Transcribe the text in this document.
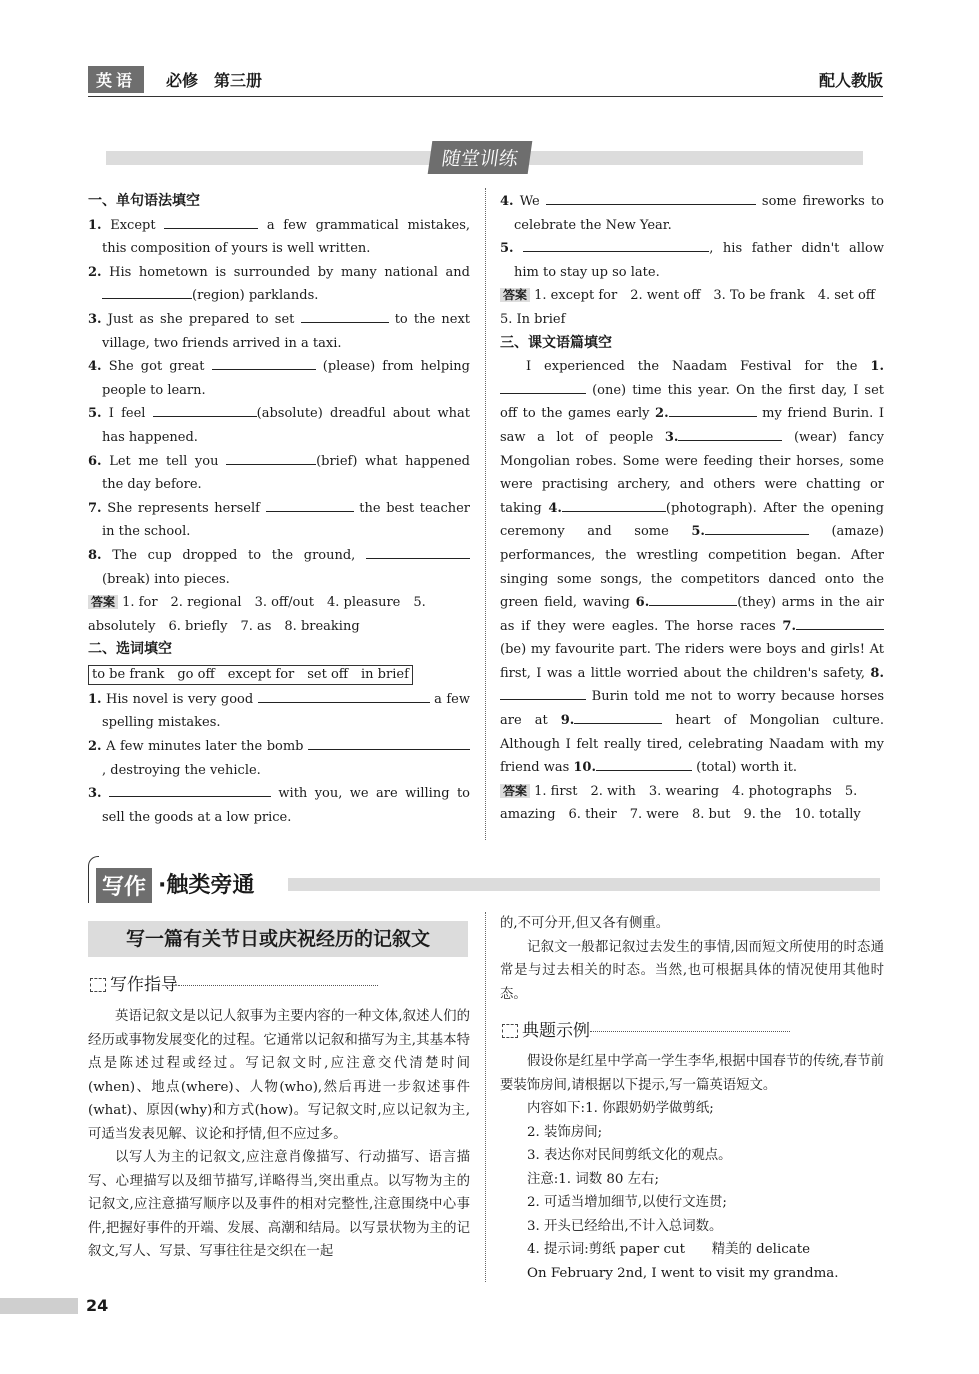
英语	必修　第三册	配人教版
随堂训练

一、单句语法填空

1. Except	a few grammatical mistakes, this composition of yours is well written.

2. His hometown is surrounded by many national and (region) parklands.

3. Just as she prepared to set	to the next village, two friends arrived in a taxi.

4. She got great	(please) from helping people to learn.

5. I feel	(absolute) dreadful about what has happened.

6. Let me tell you	(brief) what happened the day before.

7. She represents herself	the best teacher in the school.

8. The cup dropped to the ground, (break) into pieces.

答案 1. for　2. regional　3. off/out　4. pleasure　5. absolutely　6. briefly　7. as　8. breaking

二、选词填空

to be frank　go off　except for　set off　in brief

1. His novel is very good	a few spelling mistakes.

2. A few minutes later the bomb , destroying the vehicle.

3.	with you, we are willing to sell the goods at a low price.

4. We	some fireworks to celebrate the New Year.

5.	, his father didn't allow him to stay up so late.

答案 1. except for　2. went off　3. To be frank　4. set off　5. In brief

三、课文语篇填空

I experienced the Naadam Festival for the 1. (one) time this year. On the first day, I set off to the games early 2.	my friend Burin. I saw a lot of people 3.	(wear) fancy Mongolian robes. Some were feeding their horses, some were practising archery, and others were chatting or taking 4.	(photograph). After the opening ceremony and some 5.	(amaze) performances, the wrestling competition began. After singing some songs, the competitors danced onto the green field, waving 6.	(they) arms in the air as if they were eagles. The horse races 7.(be) my favourite part. The riders were boys and girls! At first, I was a little worried about the children's safety, 8. Burin told me not to worry because horses are at 9.	heart of Mongolian culture. Although I felt really tired, celebrating Naadam with my friend was 10.	(total) worth it.

答案 1. first　2. with　3. wearing　4. photographs　5. amazing　6. their　7. were　8. but　9. the　10. totally

写作 ·触类旁通
写一篇有关节日或庆祝经历的记叙文
写作指导

英语记叙文是以记人叙事为主要内容的一种文体,叙述人们的经历或事物发展变化的过程。它通常以记叙和描写为主,其基本特点是陈述过程或经过。写记叙文时,应注意交代清楚时间(when)、地点(where)、人物(who),然后再进一步叙述事件(what)、原因(why)和方式(how)。写记叙文时,应以记叙为主,可适当发表见解、议论和抒情,但不应过多。

以写人为主的记叙文,应注意肖像描写、行动描写、语言描写、心理描写以及细节描写,详略得当,突出重点。以写物为主的记叙文,应注意描写顺序以及事件的相对完整性,注意围绕中心事件,把握好事件的开端、发展、高潮和结局。以写景状物为主的记叙文,写人、写景、写事往往是交织在一起

的,不可分开,但又各有侧重。

记叙文一般都记叙过去发生的事情,因而短文所使用的时态通常是与过去相关的时态。当然,也可根据具体的情况使用其他时态。

典题示例

假设你是红星中学高一学生李华,根据中国春节的传统,春节前要装饰房间,请根据以下提示,写一篇英语短文。

内容如下:1. 你跟奶奶学做剪纸;

2. 装饰房间;

3. 表达你对民间剪纸文化的观点。

注意:1. 词数 80 左右;

2. 可适当增加细节,以使行文连贯;

3. 开头已经给出,不计入总词数。

4. 提示词:剪纸 paper cut　　精美的 delicate

On February 2nd, I went to visit my grandma.

24
